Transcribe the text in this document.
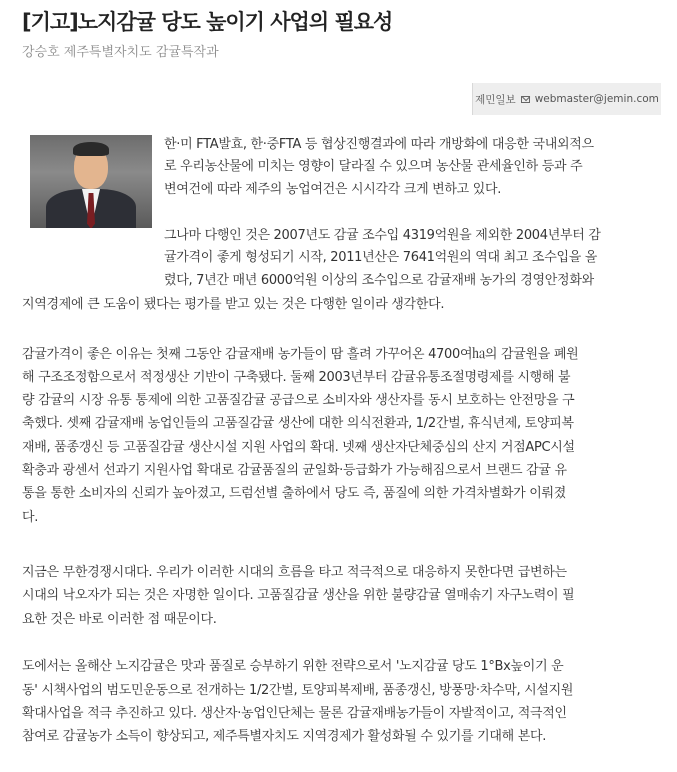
[기고]노지감귤 당도 높이기 사업의 필요성
강승호 제주특별자치도 감귤특작과
제민일보 webmaster@jemin.com
한·미 FTA발효, 한·중FTA 등 협상진행결과에 따라 개방화에 대응한 국내외적으
로 우리농산물에 미치는 영향이 달라질 수 있으며 농산물 관세율인하 등과 주
변여건에 따라 제주의 농업여건은 시시각각 크게 변하고 있다.
그나마 다행인 것은 2007년도 감귤 조수입 4319억원을 제외한 2004년부터 감
귤가격이 좋게 형성되기 시작, 2011년산은 7641억원의 역대 최고 조수입을 올
렸다, 7년간 매년 6000억원 이상의 조수입으로 감귤재배 농가의 경영안정화와
지역경제에 큰 도움이 됐다는 평가를 받고 있는 것은 다행한 일이라 생각한다.
감귤가격이 좋은 이유는 첫째 그동안 감귤재배 농가들이 땀 흘려 가꾸어온 4700여㏊의 감귤원을 폐원
해 구조조정함으로서 적정생산 기반이 구축됐다. 둘째 2003년부터 감귤유통조절명령제를 시행해 불
량 감귤의 시장 유통 통제에 의한 고품질감귤 공급으로 소비자와 생산자를 동시 보호하는 안전망을 구
축했다. 셋째 감귤재배 농업인들의 고품질감귤 생산에 대한 의식전환과, 1/2간벌, 휴식년제, 토양피복
재배, 품종갱신 등 고품질감귤 생산시설 지원 사업의 확대. 넷째 생산자단체중심의 산지 거점APC시설
확충과 광센서 선과기 지원사업 확대로 감귤품질의 균일화·등급화가 가능해짐으로서 브랜드 감귤 유
통을 통한 소비자의 신뢰가 높아졌고, 드럼선별 출하에서 당도 즉, 품질에 의한 가격차별화가 이뤄졌
다.
지금은 무한경쟁시대다. 우리가 이러한 시대의 흐름을 타고 적극적으로 대응하지 못한다면 급변하는
시대의 낙오자가 되는 것은 자명한 일이다. 고품질감귤 생산을 위한 불량감귤 열매솎기 자구노력이 필
요한 것은 바로 이러한 점 때문이다.
도에서는 올해산 노지감귤은 맛과 품질로 승부하기 위한 전략으로서 '노지감귤 당도 1°Bx높이기 운
동' 시책사업의 범도민운동으로 전개하는 1/2간벌, 토양피복제배, 품종갱신, 방풍망·차수막, 시설지원
확대사업을 적극 추진하고 있다. 생산자·농업인단체는 물론 감귤재배농가들이 자발적이고, 적극적인
참여로 감귤농가 소득이 향상되고, 제주특별자치도 지역경제가 활성화될 수 있기를 기대해 본다.
